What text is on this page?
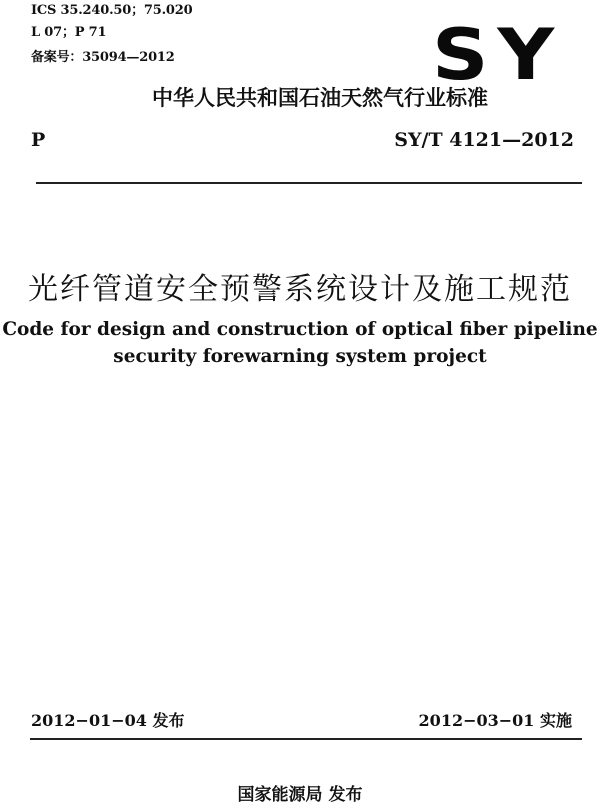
ICS 35.240.50；75.020
L 07；P 71
备案号：35094—2012	SY
中华人民共和国石油天然气行业标准
P	SY/T 4121—2012
光纤管道安全预警系统设计及施工规范
Code for design and construction of optical fiber pipeline
security forewarning system project
2012−01−04 发布	2012−03−01 实施
国家能源局 发布
